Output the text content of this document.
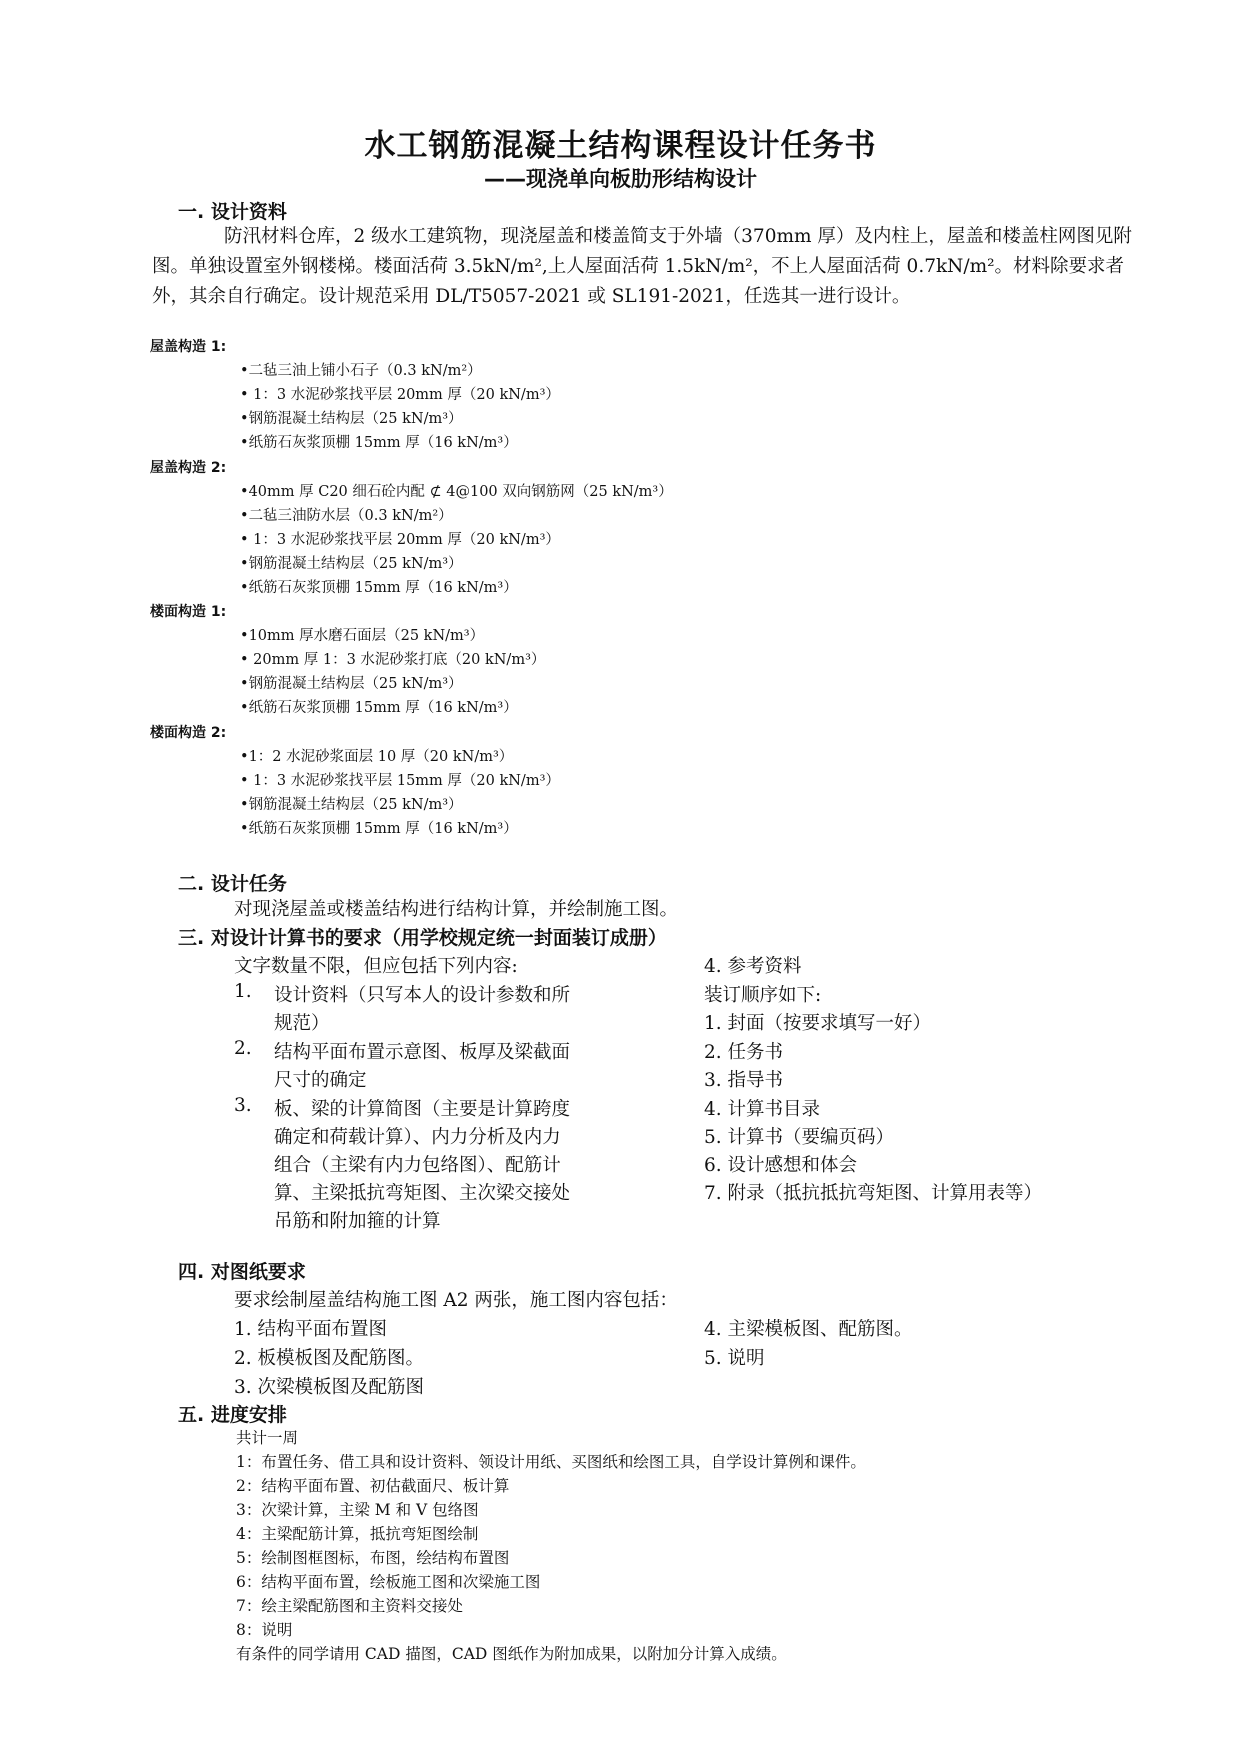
水工钢筋混凝土结构课程设计任务书
——现浇单向板肋形结构设计
一. 设计资料
防汛材料仓库，2 级水工建筑物，现浇屋盖和楼盖简支于外墙（370mm 厚）及内柱上，屋盖和楼盖柱网图见附图。单独设置室外钢楼梯。楼面活荷 3.5kN/m²,上人屋面活荷 1.5kN/m²，不上人屋面活荷 0.7kN/m²。材料除要求者外，其余自行确定。设计规范采用 DL/T5057-2021 或 SL191-2021，任选其一进行设计。
屋盖构造 1:
•二毡三油上铺小石子（0.3 kN/m²）
• 1：3 水泥砂浆找平层 20mm 厚（20 kN/m³）
•钢筋混凝土结构层（25 kN/m³）
•纸筋石灰浆顶棚 15mm 厚（16 kN/m³）
屋盖构造 2:
•40mm 厚 C20 细石砼内配 ⊄ 4@100 双向钢筋网（25 kN/m³）
•二毡三油防水层（0.3 kN/m²）
• 1：3 水泥砂浆找平层 20mm 厚（20 kN/m³）
•钢筋混凝土结构层（25 kN/m³）
•纸筋石灰浆顶棚 15mm 厚（16 kN/m³）
楼面构造 1:
•10mm 厚水磨石面层（25 kN/m³）
• 20mm 厚 1：3 水泥砂浆打底（20 kN/m³）
•钢筋混凝土结构层（25 kN/m³）
•纸筋石灰浆顶棚 15mm 厚（16 kN/m³）
楼面构造 2:
•1：2 水泥砂浆面层 10 厚（20 kN/m³）
• 1：3 水泥砂浆找平层 15mm 厚（20 kN/m³）
•钢筋混凝土结构层（25 kN/m³）
•纸筋石灰浆顶棚 15mm 厚（16 kN/m³）
二. 设计任务
对现浇屋盖或楼盖结构进行结构计算，并绘制施工图。
三. 对设计计算书的要求（用学校规定统一封面装订成册）
文字数量不限，但应包括下列内容:
1. 设计资料（只写本人的设计参数和所
规范）
2. 结构平面布置示意图、板厚及梁截面
尺寸的确定
3. 板、梁的计算简图（主要是计算跨度
确定和荷载计算）、内力分析及内力
组合（主梁有内力包络图）、配筋计
算、主梁抵抗弯矩图、主次梁交接处
吊筋和附加箍的计算
4. 参考资料
装订顺序如下:
1. 封面（按要求填写一好）
2. 任务书
3. 指导书
4. 计算书目录
5. 计算书（要编页码）
6. 设计感想和体会
7. 附录（抵抗抵抗弯矩图、计算用表等）
四. 对图纸要求
要求绘制屋盖结构施工图 A2 两张，施工图内容包括：
1. 结构平面布置图
2. 板模板图及配筋图。
3. 次梁模板图及配筋图
4. 主梁模板图、配筋图。
5. 说明
五. 进度安排
共计一周
1：布置任务、借工具和设计资料、领设计用纸、买图纸和绘图工具，自学设计算例和课件。
2：结构平面布置、初估截面尺、板计算
3：次梁计算，主梁 M 和 V 包络图
4：主梁配筋计算，抵抗弯矩图绘制
5：绘制图框图标，布图，绘结构布置图
6：结构平面布置，绘板施工图和次梁施工图
7：绘主梁配筋图和主资料交接处
8：说明
有条件的同学请用 CAD 描图，CAD 图纸作为附加成果，以附加分计算入成绩。
